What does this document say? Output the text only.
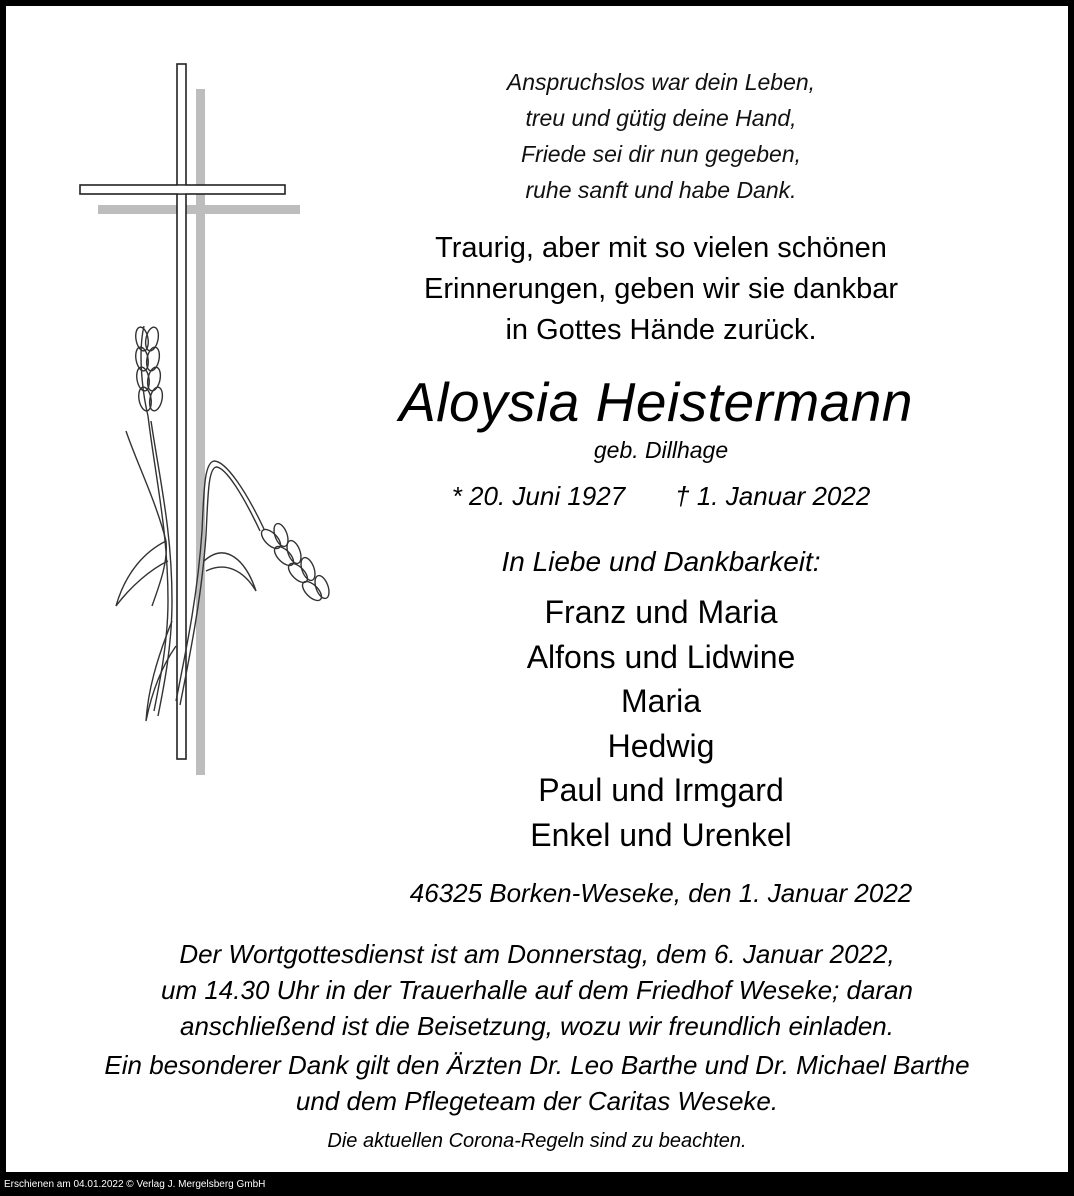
Anspruchslos war dein Leben,
treu und gütig deine Hand,
Friede sei dir nun gegeben,
ruhe sanft und habe Dank.
Traurig, aber mit so vielen schönen
Erinnerungen, geben wir sie dankbar
in Gottes Hände zurück.
Aloysia Heistermann
geb. Dillhage
* 20. Juni 1927 † 1. Januar 2022
In Liebe und Dankbarkeit:
Franz und Maria
Alfons und Lidwine
Maria
Hedwig
Paul und Irmgard
Enkel und Urenkel
46325 Borken-Weseke, den 1. Januar 2022
Der Wortgottesdienst ist am Donnerstag, dem 6. Januar 2022,
um 14.30 Uhr in der Trauerhalle auf dem Friedhof Weseke; daran
anschließend ist die Beisetzung, wozu wir freundlich einladen.
Ein besonderer Dank gilt den Ärzten Dr. Leo Barthe und Dr. Michael Barthe
und dem Pflegeteam der Caritas Weseke.
Die aktuellen Corona-Regeln sind zu beachten.
Erschienen am 04.01.2022 © Verlag J. Mergelsberg GmbH
